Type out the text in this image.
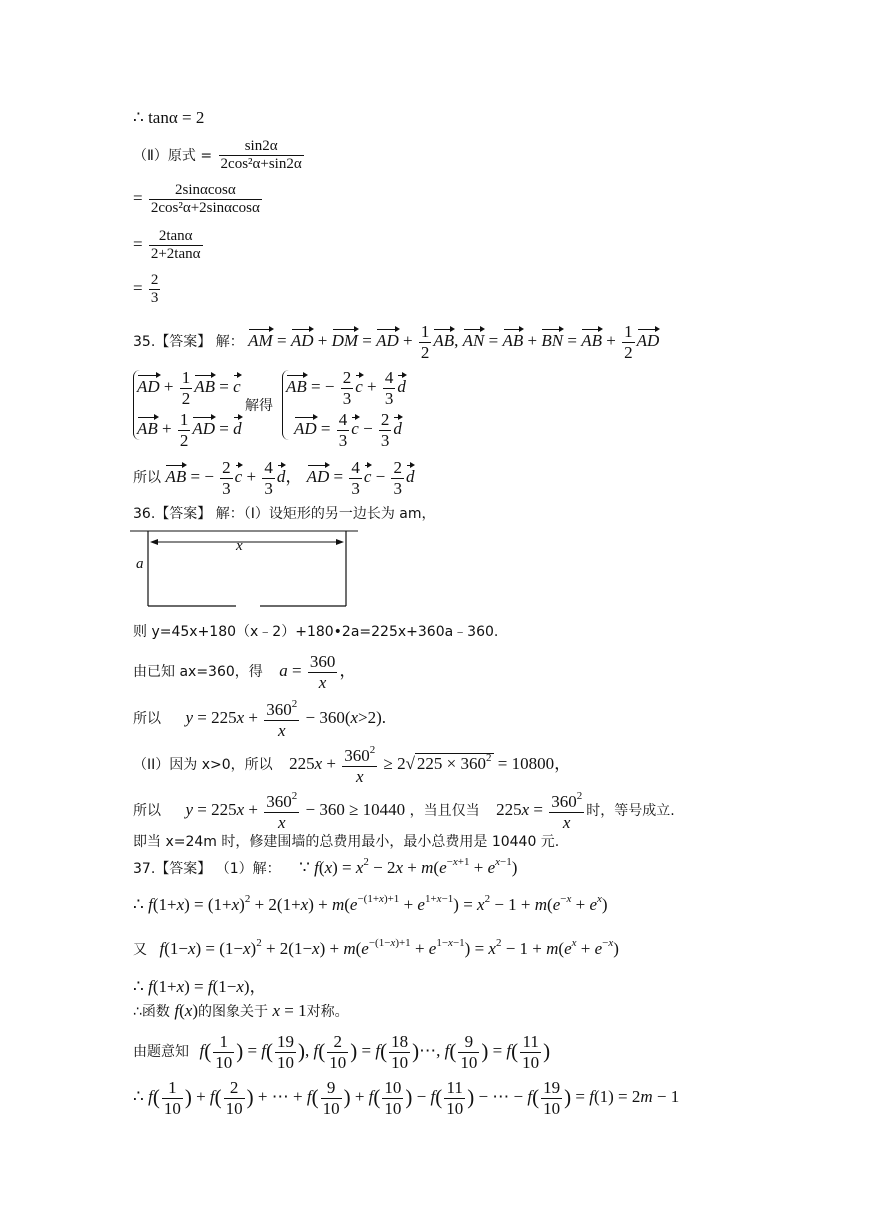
∴ tanα = 2
（Ⅱ）原式 = $\frac{\sin 2\alpha}{\text{2cos²α+sin2α}}$
= $\frac{2\sin\alpha\cos\alpha}{\text{2cos²α+2sinαcosα}}$
= $\frac{2\tan\alpha}{2+2\tan\alpha}$
= $\frac{2}{3}$
35.【答案】 解： AM = AD + DM = AD + $\frac{1}{2}$ AB, AN = AB + BN = AB + $\frac{1}{2}$ AD
AD + $\frac{1}{2}$ AB = c
AB + $\frac{1}{2}$ AD = d
解得
AB = − $\frac{2}{3}$ $c + \frac{4}{3}$ d
AD = $\frac{4}{3}$ $c - \frac{2}{3}$ d
所以 AB = − $\frac{2}{3}$ $c + \frac{4}{3}$ d， AD = $\frac{4}{3}$ $c - \frac{2}{3}$ d
36.【答案】 解：（Ⅰ）设矩形的另一边长为 am，
x
a
则 y=45x+180（x﹣2）+180•2a=225x+360a﹣360.
由已知 ax=360，得 $a = \frac{360}{x}$ ，
所以 $y = 225x + \frac{360^2}{x} - 360(x>2)$.
（II）因为 x>0，所以 $225x + \frac{360^2}{x} \ge 2√$ $225 \times 360^2 = 10800$，
所以 $y = 225x + \frac{360^2}{x} - 360 \ge 10440$ ，当且仅当 $225x = \frac{360^2}{x}$ 时，等号成立.
即当 x=24m 时，修建围墙的总费用最小，最小总费用是 10440 元.
37.【答案】 （1）解： ∵ $f(x) = x^2 - 2x + m(e^{-x+1} + e^{x-1})$
∴ $f(1+x) = (1+x)^2 + 2(1+x) + m(e^{-(1+x)+1} + e^{1+x-1}) = x^2 - 1 + m(e^{-x} + e^x)$
又 $f(1-x) = (1-x)^2 + 2(1-x) + m(e^{-(1-x)+1} + e^{1-x-1}) = x^2 - 1 + m(e^x + e^{-x})$
∴ f(1+x) = f(1−x)，
∴函数 f(x)的图象关于 x = 1对称。
由题意知 $f( \frac{1}{10}$ ) = $f( \frac{19}{10}$ ), $f( \frac{2}{10}$ ) = $f( \frac{18}{10}$ )⋯, $f( \frac{9}{10}$ ) = $f( \frac{11}{10}$ )
∴ $f( \frac{1}{10}$ ) + $f( \frac{2}{10}$ ) + ⋯ + $f( \frac{9}{10}$ ) + $f( \frac{10}{10}$ ) − $f( \frac{11}{10}$ ) − ⋯ − $f( \frac{19}{10}$ ) = f(1) = 2m − 1
